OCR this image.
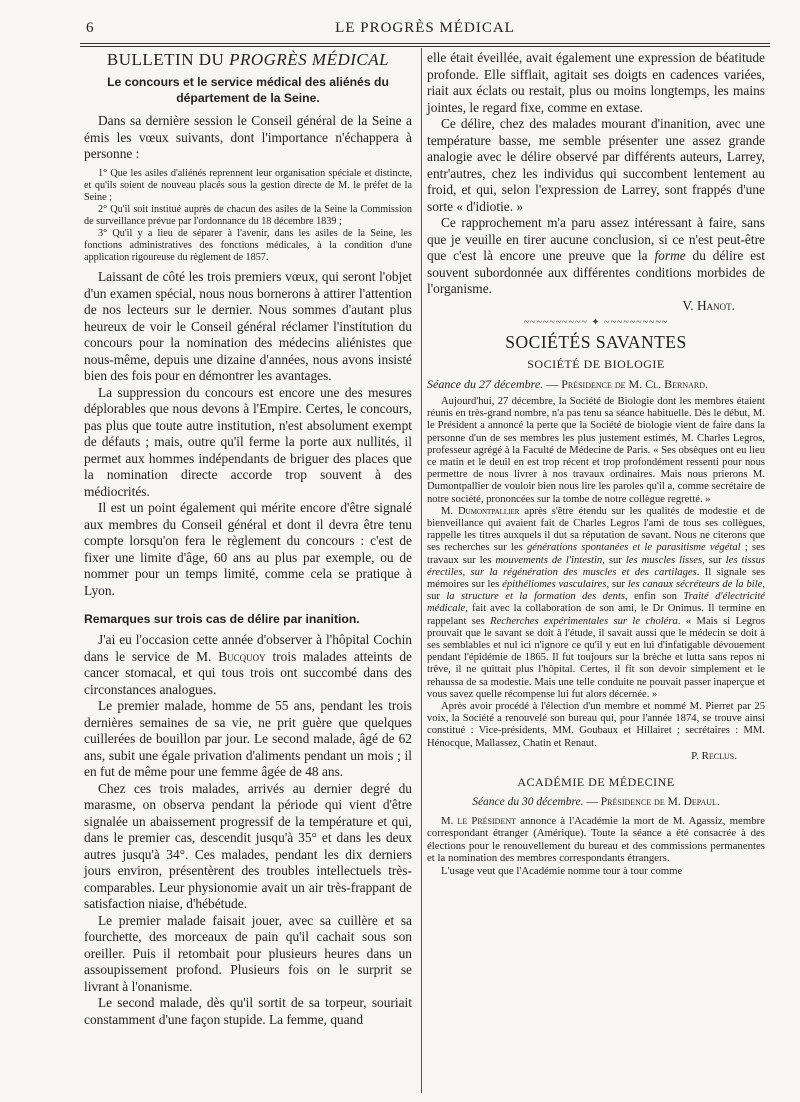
6	LE PROGRÈS MÉDICAL
BULLETIN DU PROGRÈS MÉDICAL
Le concours et le service médical des aliénés du département de la Seine.

Dans sa dernière session le Conseil général de la Seine a émis les vœux suivants, dont l'importance n'échappera à personne :

1° Que les asiles d'aliénés reprennent leur organisation spéciale et distincte, et qu'ils soient de nouveau placés sous la gestion directe de M. le préfet de la Seine ;

2° Qu'il soit institué auprès de chacun des asiles de la Seine la Commission de surveillance prévue par l'ordonnance du 18 décembre 1839 ;

3° Qu'il y a lieu de séparer à l'avenir, dans les asiles de la Seine, les fonctions administratives des fonctions médicales, à la condition d'une application rigoureuse du règlement de 1857.

Laissant de côté les trois premiers vœux, qui seront l'objet d'un examen spécial, nous nous bornerons à attirer l'attention de nos lecteurs sur le dernier. Nous sommes d'autant plus heureux de voir le Conseil général réclamer l'institution du concours pour la nomination des médecins aliénistes que nous-même, depuis une dizaine d'années, nous avons insisté bien des fois pour en démontrer les avantages.

La suppression du concours est encore une des mesures déplorables que nous devons à l'Empire. Certes, le concours, pas plus que toute autre institution, n'est absolument exempt de défauts ; mais, outre qu'il ferme la porte aux nullités, il permet aux hommes indépendants de briguer des places que la nomination directe accorde trop souvent à des médiocrités.

Il est un point également qui mérite encore d'être signalé aux membres du Conseil général et dont il devra être tenu compte lorsqu'on fera le règlement du concours : c'est de fixer une limite d'âge, 60 ans au plus par exemple, ou de nommer pour un temps limité, comme cela se pratique à Lyon.

Remarques sur trois cas de délire par inanition.

J'ai eu l'occasion cette année d'observer à l'hôpital Cochin dans le service de M. Bucquoy trois malades atteints de cancer stomacal, et qui tous trois ont succombé dans des circonstances analogues.

Le premier malade, homme de 55 ans, pendant les trois dernières semaines de sa vie, ne prit guère que quelques cuillerées de bouillon par jour. Le second malade, âgé de 62 ans, subit une égale privation d'aliments pendant un mois ; il en fut de même pour une femme âgée de 48 ans.

Chez ces trois malades, arrivés au dernier degré du marasme, on observa pendant la période qui vient d'être signalée un abaissement progressif de la température et qui, dans le premier cas, descendit jusqu'à 35° et dans les deux autres jusqu'à 34°. Ces malades, pendant les dix derniers jours environ, présentèrent des troubles intellectuels très-comparables. Leur physionomie avait un air très-frappant de satisfaction niaise, d'hébétude.

Le premier malade faisait jouer, avec sa cuillère et sa fourchette, des morceaux de pain qu'il cachait sous son oreiller. Puis il retombait pour plusieurs heures dans un assoupissement profond. Plusieurs fois on le surprit se livrant à l'onanisme.

Le second malade, dès qu'il sortit de sa torpeur, souriait constamment d'une façon stupide. La femme, quand

elle était éveillée, avait également une expression de béatitude profonde. Elle sifflait, agitait ses doigts en cadences variées, riait aux éclats ou restait, plus ou moins longtemps, les mains jointes, le regard fixe, comme en extase.

Ce délire, chez des malades mourant d'inanition, avec une température basse, me semble présenter une assez grande analogie avec le délire observé par différents auteurs, Larrey, entr'autres, chez les individus qui succombent lentement au froid, et qui, selon l'expression de Larrey, sont frappés d'une sorte « d'idiotie. »

Ce rapprochement m'a paru assez intéressant à faire, sans que je veuille en tirer aucune conclusion, si ce n'est peut-être que c'est là encore une preuve que la forme du délire est souvent subordonnée aux différentes conditions morbides de l'organisme.

V. Hanot.
~~~~~~~~~~ ✦ ~~~~~~~~~~
SOCIÉTÉS SAVANTES
SOCIÉTÉ DE BIOLOGIE

Séance du 27 décembre. — Présidence de M. Cl. Bernard.

Aujourd'hui, 27 décembre, la Société de Biologie dont les membres étaient réunis en très-grand nombre, n'a pas tenu sa séance habituelle. Dès le début, M. le Président a annoncé la perte que la Société de biologie vient de faire dans la personne d'un de ses membres les plus justement estimés, M. Charles Legros, professeur agrégé à la Faculté de Médecine de Paris. « Ses obsèques ont eu lieu ce matin et le deuil en est trop récent et trop profondément ressenti pour nous permettre de nous livrer à nos travaux ordinaires. Mais nous prierons M. Dumontpallier de vouloir bien nous lire les paroles qu'il a, comme secrétaire de notre société, prononcées sur la tombe de notre collègue regretté. »

M. Dumontpallier après s'être étendu sur les qualités de modestie et de bienveillance qui avaient fait de Charles Legros l'ami de tous ses collègues, rappelle les titres auxquels il dut sa réputation de savant. Nous ne citerons que ses recherches sur les générations spontanées et le parasitisme végétal ; ses travaux sur les mouvements de l'intestin, sur les muscles lisses, sur les tissus érectiles, sur la régénération des muscles et des cartilages. Il signale ses mémoires sur les épithéliomes vasculaires, sur les canaux sécréteurs de la bile, sur la structure et la formation des dents, enfin son Traité d'électricité médicale, fait avec la collaboration de son ami, le Dr Onimus. Il termine en rappelant ses Recherches expérimentales sur le choléra. « Mais si Legros prouvait que le savant se doit à l'étude, il savait aussi que le médecin se doit à ses semblables et nul ici n'ignore ce qu'il y eut en lui d'infatigable dévouement pendant l'épidémie de 1865. Il fut toujours sur la brèche et lutta sans repos ni trêve, il ne quittait plus l'hôpital. Certes, il fit son devoir simplement et le rehaussa de sa modestie. Mais une telle conduite ne pouvait passer inaperçue et vous savez quelle récompense lui fut alors décernée. »

Après avoir procédé à l'élection d'un membre et nommé M. Pierret par 25 voix, la Société a renouvelé son bureau qui, pour l'année 1874, se trouve ainsi constitué : Vice-présidents, MM. Goubaux et Hillairet ; secrétaires : MM. Hénocque, Mallassez, Chatin et Renaut.

P. Reclus.
ACADÉMIE DE MÉDECINE

Séance du 30 décembre. — Présidence de M. Depaul.

M. le Président annonce à l'Académie la mort de M. Agassiz, membre correspondant étranger (Amérique). Toute la séance a été consacrée à des élections pour le renouvellement du bureau et des commissions permanentes et la nomination des membres correspondants étrangers.

L'usage veut que l'Académie nomme tour à tour comme
